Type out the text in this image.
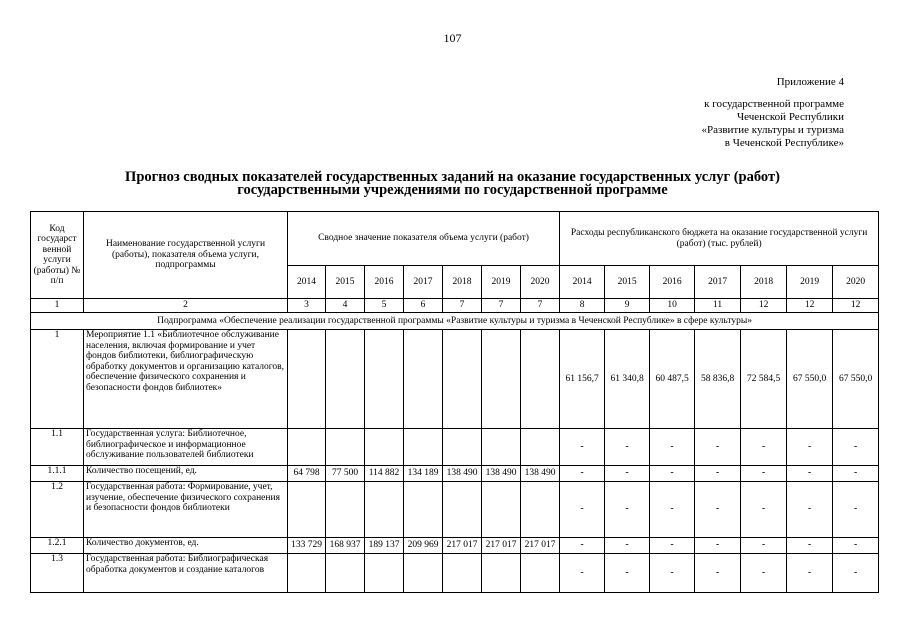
107
Приложение 4
к государственной программе
Чеченской Республики
«Развитие культуры и туризма
в Чеченской Республике»
Прогноз сводных показателей государственных заданий на оказание государственных услуг (работ)
государственными учреждениями по государственной программе
Код государст венной услуги (работы) № п/п	Наименование государственной услуги (работы), показателя объема услуги, подпрограммы	Сводное значение показателя объема услуги (работ)							Расходы республиканского бюджета на оказание государственной услуги (работ) (тыс. рублей)						
		2014	2015	2016	2017	2018	2019	2020	2014	2015	2016	2017	2018	2019	2020
1	2	3	4	5	6	7	7	7	8	9	10	11	12	12	12
Подпрограмма «Обеспечение реализации государственной программы «Развитие культуры и туризма в Чеченской Республике» в сфере культуры»															
1	Мероприятие 1.1 «Библиотечное обслуживание населения, включая формирование и учет фондов библиотеки, библиографическую обработку документов и организацию каталогов, обеспечение физического сохранения и безопасности фондов библиотек»								61 156,7	61 340,8	60 487,5	58 836,8	72 584,5	67 550,0	67 550,0
1.1	Государственная услуга: Библиотечное, библиографическое и информационное обслуживание пользователей библиотеки								-	-	-	-	-	-	-
1.1.1	Количество посещений, ед.	64 798	77 500	114 882	134 189	138 490	138 490	138 490	-	-	-	-	-	-	-
1.2	Государственная работа: Формирование, учет, изучение, обеспечение физического сохранения и безопасности фондов библиотеки								-	-	-	-	-	-	-
1.2.1	Количество документов, ед.	133 729	168 937	189 137	209 969	217 017	217 017	217 017	-	-	-	-	-	-	-
1.3	Государственная работа: Библиографическая обработка документов и создание каталогов								-	-	-	-	-	-	-
